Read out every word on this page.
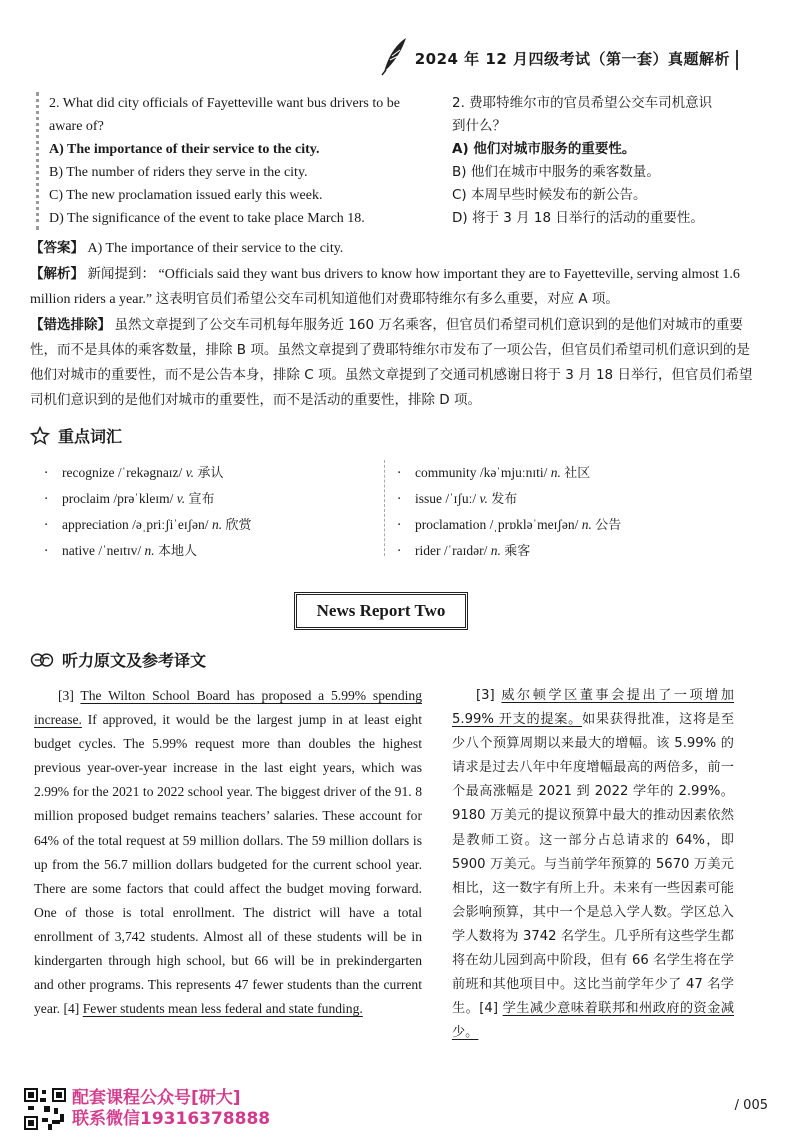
2024 年 12 月四级考试（第一套）真题解析

2. What did city officials of Fayetteville want bus drivers to be

aware of?

A) The importance of their service to the city.

B) The number of riders they serve in the city.

C) The new proclamation issued early this week.

D) The significance of the event to take place March 18.

2. 费耶特维尔市的官员希望公交车司机意识

到什么？

A) 他们对城市服务的重要性。

B) 他们在城市中服务的乘客数量。

C) 本周早些时候发布的新公告。

D) 将于 3 月 18 日举行的活动的重要性。

【答案】 A) The importance of their service to the city.

【解析】 新闻提到： “Officials said they want bus drivers to know how important they are to Fayetteville, serving almost 1.6 million riders a year.” 这表明官员们希望公交车司机知道他们对费耶特维尔有多么重要，对应 A 项。

【错选排除】 虽然文章提到了公交车司机每年服务近 160 万名乘客，但官员们希望司机们意识到的是他们对城市的重要性，而不是具体的乘客数量，排除 B 项。虽然文章提到了费耶特维尔市发布了一项公告，但官员们希望司机们意识到的是他们对城市的重要性，而不是公告本身，排除 C 项。虽然文章提到了交通司机感谢日将于 3 月 18 日举行，但官员们希望司机们意识到的是他们对城市的重要性，而不是活动的重要性，排除 D 项。

重点词汇
· recognize /ˈrekəgnaɪz/ v. 承认
· proclaim /prəˈkleɪm/ v. 宣布
· appreciation /əˌpriːʃiˈeɪʃən/ n. 欣赏
· native /ˈneɪtɪv/ n. 本地人
· community /kəˈmjuːnɪti/ n. 社区
· issue /ˈɪʃuː/ v. 发布
· proclamation /ˌprɒkləˈmeɪʃən/ n. 公告
· rider /ˈraɪdər/ n. 乘客
News Report Two
听力原文及参考译文
[3] The Wilton School Board has proposed a 5.99% spending increase. If approved, it would be the largest jump in at least eight budget cycles. The 5.99% request more than doubles the highest previous year-over-year increase in the last eight years, which was 2.99% for the 2021 to 2022 school year. The biggest driver of the 91. 8 million proposed budget remains teachers’ salaries. These account for 64% of the total request at 59 million dollars. The 59 million dollars is up from the 56.7 million dollars budgeted for the current school year. There are some factors that could affect the budget moving forward. One of those is total enrollment. The district will have a total enrollment of 3,742 students. Almost all of these students will be in kindergarten through high school, but 66 will be in prekindergarten and other programs. This represents 47 fewer students than the current year. [4] Fewer students mean less federal and state funding.
[3] 威尔顿学区董事会提出了一项增加 5.99% 开支的提案。如果获得批准，这将是至少八个预算周期以来最大的增幅。该 5.99% 的请求是过去八年中年度增幅最高的两倍多，前一个最高涨幅是 2021 到 2022 学年的 2.99%。9180 万美元的提议预算中最大的推动因素依然是教师工资。这一部分占总请求的 64%，即 5900 万美元。与当前学年预算的 5670 万美元相比，这一数字有所上升。未来有一些因素可能会影响预算，其中一个是总入学人数。学区总入学人数将为 3742 名学生。几乎所有这些学生都将在幼儿园到高中阶段，但有 66 名学生将在学前班和其他项目中。这比当前学年少了 47 名学生。[4] 学生减少意味着联邦和州政府的资金减少。
配套课程公众号[研大]
联系微信19316378888
/ 005
